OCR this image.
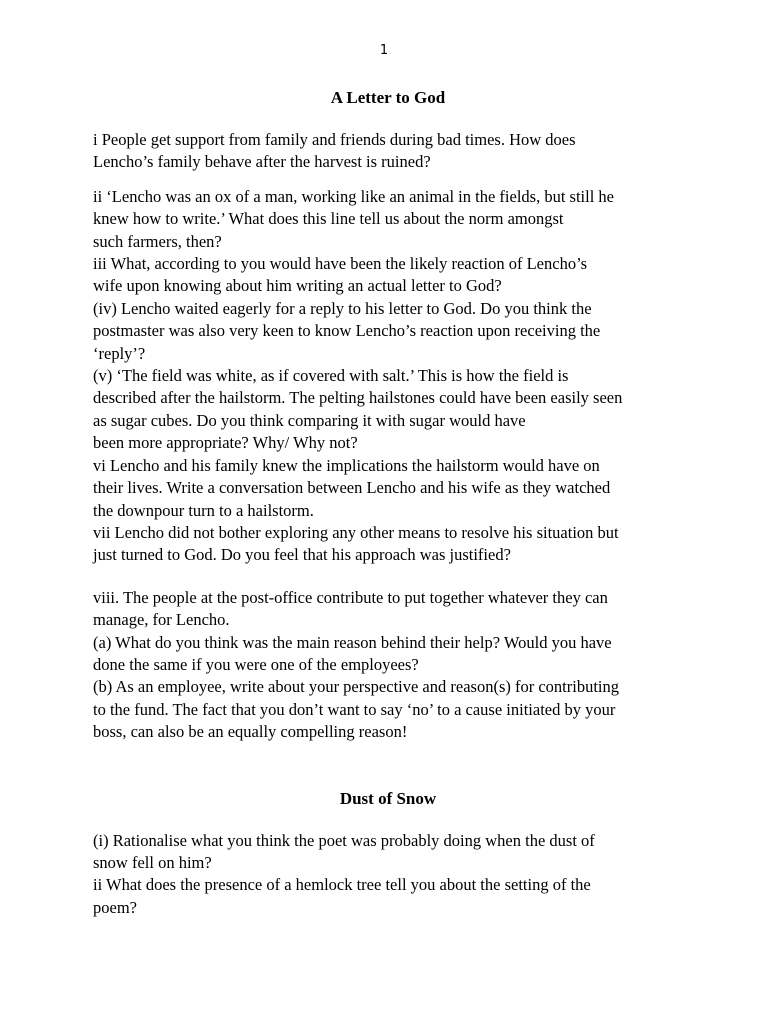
1
A Letter to God

i People get support from family and friends during bad times. How does

Lencho’s family behave after the harvest is ruined?

ii ‘Lencho was an ox of a man, working like an animal in the fields, but still he

knew how to write.’ What does this line tell us about the norm amongst

such farmers, then?

iii What, according to you would have been the likely reaction of Lencho’s

wife upon knowing about him writing an actual letter to God?

(iv) Lencho waited eagerly for a reply to his letter to God. Do you think the

postmaster was also very keen to know Lencho’s reaction upon receiving the

‘reply’?

(v) ‘The field was white, as if covered with salt.’ This is how the field is

described after the hailstorm. The pelting hailstones could have been easily seen

as sugar cubes. Do you think comparing it with sugar would have

been more appropriate? Why/ Why not?

vi Lencho and his family knew the implications the hailstorm would have on

their lives. Write a conversation between Lencho and his wife as they watched

the downpour turn to a hailstorm.

vii Lencho did not bother exploring any other means to resolve his situation but

just turned to God. Do you feel that his approach was justified?

viii. The people at the post-office contribute to put together whatever they can

manage, for Lencho.

(a) What do you think was the main reason behind their help? Would you have

done the same if you were one of the employees?

(b) As an employee, write about your perspective and reason(s) for contributing

to the fund. The fact that you don’t want to say ‘no’ to a cause initiated by your

boss, can also be an equally compelling reason!

Dust of Snow

(i) Rationalise what you think the poet was probably doing when the dust of

snow fell on him?

ii What does the presence of a hemlock tree tell you about the setting of the

poem?
